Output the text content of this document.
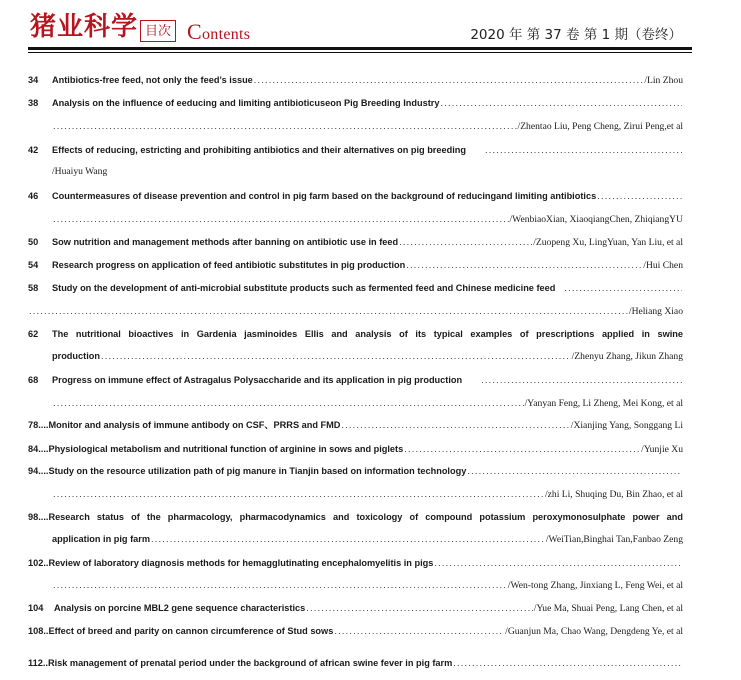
猪业科学 目次 Contents	2020 年 第 37 卷 第 1 期（卷终）
34	Antibiotics-free feed, not only the feed’s issue .....	/Lin Zhou
38	Analysis on the influence of eeducing and limiting antibioticuseon Pig Breeding Industry
.....
.....
/Zhentao Liu, Peng Cheng, Zirui Peng,et al
42	Effects of reducing, estricting and prohibiting antibiotics and their alternatives on pig breeding
.....
/Huaiyu Wang
46	Countermeasures of disease prevention and control in pig farm based on the background of reducingand limiting antibiotics
.....
.....
/WenbiaoXian, XiaoqiangChen, ZhiqiangYU
50	Sow nutrition and management methods after banning on antibiotic use in feed .....	/Zuopeng Xu, LingYuan, Yan Liu, et al
54	Research progress on application of feed antibiotic substitutes in pig production .....	/Hui Chen
58	Study on the development of anti-microbial substitute products such as fermented feed and Chinese medicine feed
.....
.....
/Heliang Xiao
62	The nutritional bioactives in Gardenia jasminoides Ellis and analysis of its typical examples of prescriptions applied in swine
production .....	/Zhenyu Zhang, Jikun Zhang
68	Progress on immune effect of Astragalus Polysaccharide and its application in pig production
.....
.....
/Yanyan Feng, Li Zheng, Mei Kong, et al
78.... Monitor and analysis of immune antibody on CSF、PRRS and FMD .....	/Xianjing Yang, Songgang Li
84.... Physiological metabolism and nutritional function of arginine in sows and piglets .....	/Yunjie Xu
94.... Study on the resource utilization path of pig manure in Tianjin based on information technology
.....
.....
/zhi Li, Shuqing Du, Bin Zhao, et al
98.... Research status of the pharmacology, pharmacodynamics and toxicology of compound potassium peroxymonosulphate power and
application in pig farm .....	/WeiTian,Binghai Tan,Fanbao Zeng
102.. Review of laboratory diagnosis methods for hemagglutinating encephalomyelitis in pigs
.....
.....
/Wen-tong Zhang, Jinxiang L, Feng Wei, et al
104	Analysis on porcine MBL2 gene sequence characteristics .....	/Yue Ma, Shuai Peng, Lang Chen, et al
108.. Effect of breed and parity on cannon circumference of Stud sows .....	/Guanjun Ma, Chao Wang, Dengdeng Ye, et al
112.. Risk management of prenatal period under the background of african swine fever in pig farm
.....
